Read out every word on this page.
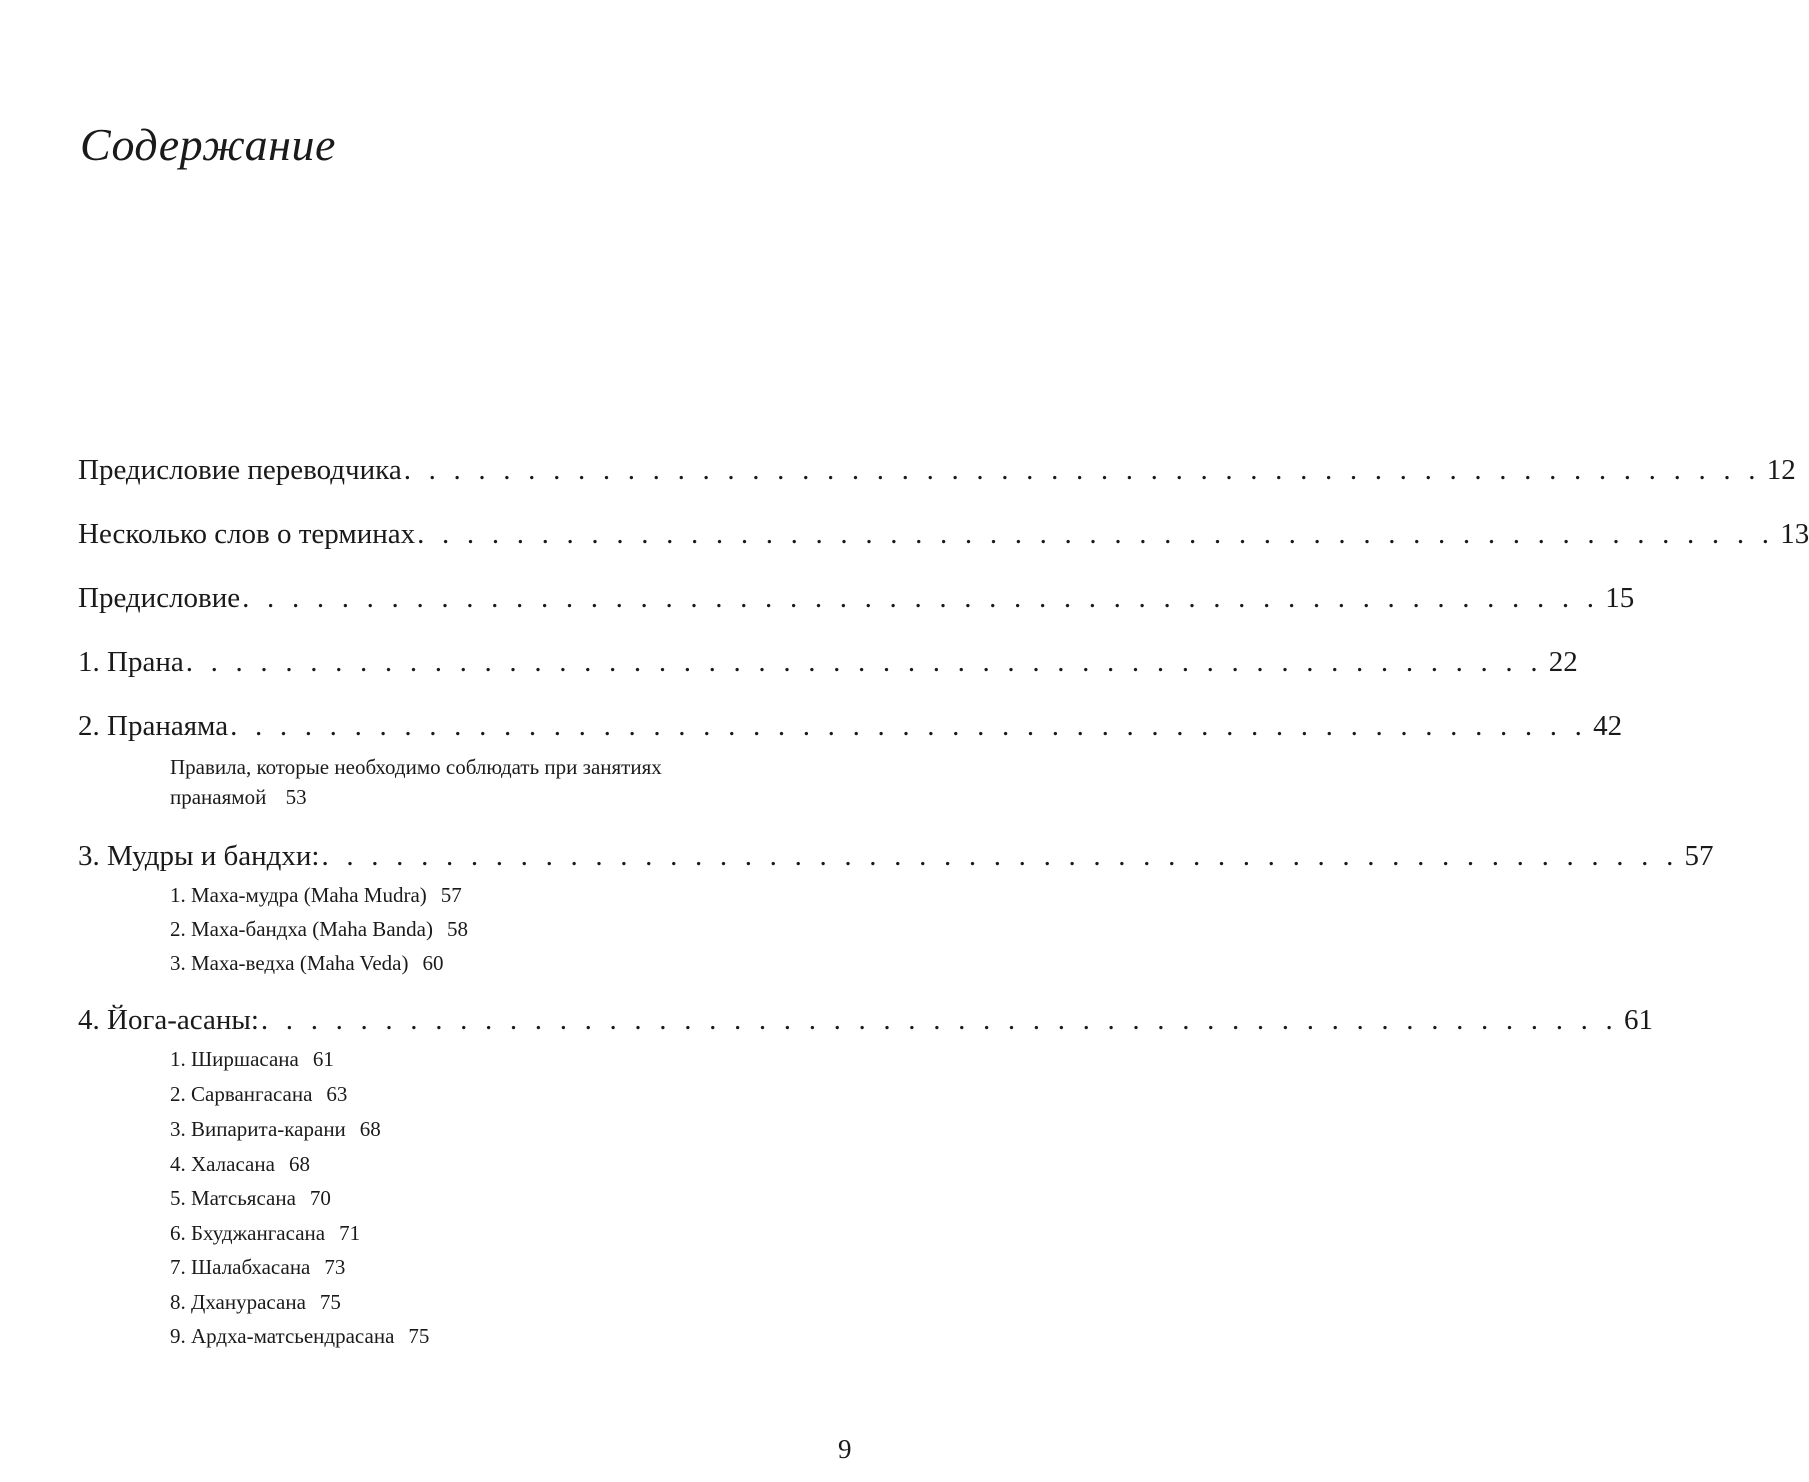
Содержание
Предисловие переводчика . . . . . . . . . . . . . . . . . . . . . . . . . . . . . . . . . . . . . . . . . . . . . . . . . . . . . . . 12
Несколько слов о терминах . . . . . . . . . . . . . . . . . . . . . . . . . . . . . . . . . . . . . . . . . . . . . . . . . . . . . . . 13
Предисловие . . . . . . . . . . . . . . . . . . . . . . . . . . . . . . . . . . . . . . . . . . . . . . . . . . . . . . . 15
1. Прана . . . . . . . . . . . . . . . . . . . . . . . . . . . . . . . . . . . . . . . . . . . . . . . . . . . . . . . 22
2. Пранаяма . . . . . . . . . . . . . . . . . . . . . . . . . . . . . . . . . . . . . . . . . . . . . . . . . . . . . . . 42
Правила, которые необходимо соблюдать при занятиях
пранаямой 53
3. Мудры и бандхи: . . . . . . . . . . . . . . . . . . . . . . . . . . . . . . . . . . . . . . . . . . . . . . . . . . . . . . . 57
1. Маха-мудра (Maha Mudra) 57
2. Маха-бандха (Maha Banda) 58
3. Маха-ведха (Maha Veda) 60
4. Йога-асаны: . . . . . . . . . . . . . . . . . . . . . . . . . . . . . . . . . . . . . . . . . . . . . . . . . . . . . . . 61
1. Ширшасана 61
2. Сарвангасана 63
3. Випарита-карани 68
4. Халасана 68
5. Матсьясана 70
6. Бхуджангасана 71
7. Шалабхасана 73
8. Дханурасана 75
9. Ардха-матсьендрасана 75
9
